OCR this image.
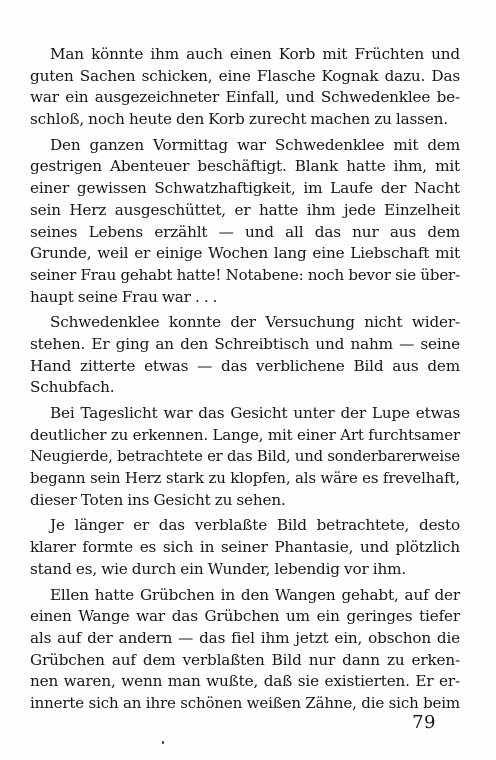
Man könnte ihm auch einen Korb mit Früchten und
guten Sachen schicken, eine Flasche Kognak dazu. Das
war ein ausgezeichneter Einfall, und Schwedenklee be-
schloß, noch heute den Korb zurecht machen zu lassen.
Den ganzen Vormittag war Schwedenklee mit dem
gestrigen Abenteuer beschäftigt. Blank hatte ihm, mit
einer gewissen Schwatzhaftigkeit, im Laufe der Nacht
sein Herz ausgeschüttet, er hatte ihm jede Einzelheit
seines Lebens erzählt — und all das nur aus dem
Grunde, weil er einige Wochen lang eine Liebschaft mit
seiner Frau gehabt hatte! Notabene: noch bevor sie über-
haupt seine Frau war . . .
Schwedenklee konnte der Versuchung nicht wider-
stehen. Er ging an den Schreibtisch und nahm — seine
Hand zitterte etwas — das verblichene Bild aus dem
Schubfach.
Bei Tageslicht war das Gesicht unter der Lupe etwas
deutlicher zu erkennen. Lange, mit einer Art furchtsamer
Neugierde, betrachtete er das Bild, und sonderbarerweise
begann sein Herz stark zu klopfen, als wäre es frevelhaft,
dieser Toten ins Gesicht zu sehen.
Je länger er das verblaßte Bild betrachtete, desto
klarer formte es sich in seiner Phantasie, und plötzlich
stand es, wie durch ein Wunder, lebendig vor ihm.
Ellen hatte Grübchen in den Wangen gehabt, auf der
einen Wange war das Grübchen um ein geringes tiefer
als auf der andern — das fiel ihm jetzt ein, obschon die
Grübchen auf dem verblaßten Bild nur dann zu erken-
nen waren, wenn man wußte, daß sie existierten. Er er-
innerte sich an ihre schönen weißen Zähne, die sich beim
79
